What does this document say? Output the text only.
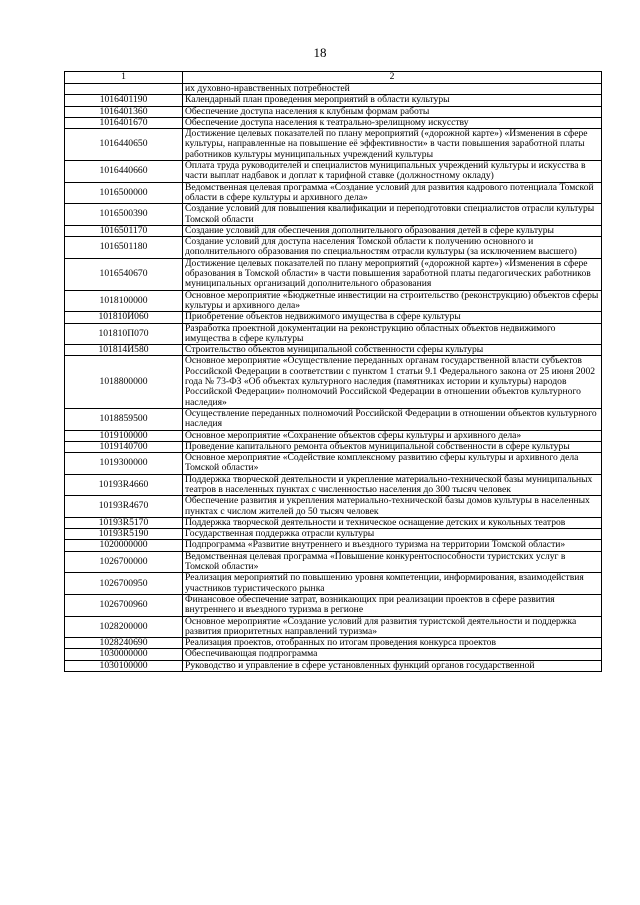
18
1	2
	их духовно-нравственных потребностей
1016401190	Календарный план проведения мероприятий в области культуры
1016401360	Обеспечение доступа населения к клубным формам работы
1016401670	Обеспечение доступа населения к театрально-зрелищному искусству
1016440650	Достижение целевых показателей по плану мероприятий («дорожной карте») «Изменения в сфере культуры, направленные на повышение её эффективности» в части повышения заработной платы работников культуры муниципальных учреждений культуры
1016440660	Оплата труда руководителей и специалистов муниципальных учреждений культуры и искусства в части выплат надбавок и доплат к тарифной ставке (должностному окладу)
1016500000	Ведомственная целевая программа «Создание условий для развития кадрового потенциала Томской области в сфере культуры и архивного дела»
1016500390	Создание условий для повышения квалификации и переподготовки специалистов отрасли культуры Томской области
1016501170	Создание условий для обеспечения дополнительного образования детей в сфере культуры
1016501180	Создание условий для доступа населения Томской области к получению основного и дополнительного образования по специальностям отрасли культуры (за исключением высшего)
1016540670	Достижение целевых показателей по плану мероприятий («дорожной карте») «Изменения в сфере образования в Томской области» в части повышения заработной платы педагогических работников муниципальных организаций дополнительного образования
1018100000	Основное мероприятие «Бюджетные инвестиции на строительство (реконструкцию) объектов сферы культуры и архивного дела»
101810И060	Приобретение объектов недвижимого имущества в сфере культуры
101810П070	Разработка проектной документации на реконструкцию областных объектов недвижимого имущества в сфере культуры
101814И580	Строительство объектов муниципальной собственности сферы культуры
1018800000	Основное мероприятие «Осуществление переданных органам государственной власти субъектов Российской Федерации в соответствии с пунктом 1 статьи 9.1 Федерального закона от 25 июня 2002 года № 73-ФЗ «Об объектах культурного наследия (памятниках истории и культуры) народов Российской Федерации» полномочий Российской Федерации в отношении объектов культурного наследия»
1018859500	Осуществление переданных полномочий Российской Федерации в отношении объектов культурного наследия
1019100000	Основное мероприятие «Сохранение объектов сферы культуры и архивного дела»
1019140700	Проведение капитального ремонта объектов муниципальной собственности в сфере культуры
1019300000	Основное мероприятие «Содействие комплексному развитию сферы культуры и архивного дела Томской области»
10193R4660	Поддержка творческой деятельности и укрепление материально-технической базы муниципальных театров в населенных пунктах с численностью населения до 300 тысяч человек
10193R4670	Обеспечение развития и укрепления материально-технической базы домов культуры в населенных пунктах с числом жителей до 50 тысяч человек
10193R5170	Поддержка творческой деятельности и техническое оснащение детских и кукольных театров
10193R5190	Государственная поддержка отрасли культуры
1020000000	Подпрограмма «Развитие внутреннего и въездного туризма на территории Томской области»
1026700000	Ведомственная целевая программа «Повышение конкурентоспособности туристских услуг в Томской области»
1026700950	Реализация мероприятий по повышению уровня компетенции, информирования, взаимодействия участников туристического рынка
1026700960	Финансовое обеспечение затрат, возникающих при реализации проектов в сфере развития внутреннего и въездного туризма в регионе
1028200000	Основное мероприятие «Создание условий для развития туристской деятельности и поддержка развития приоритетных направлений туризма»
1028240690	Реализация проектов, отобранных по итогам проведения конкурса проектов
1030000000	Обеспечивающая подпрограмма
1030100000	Руководство и управление в сфере установленных функций органов государственной
